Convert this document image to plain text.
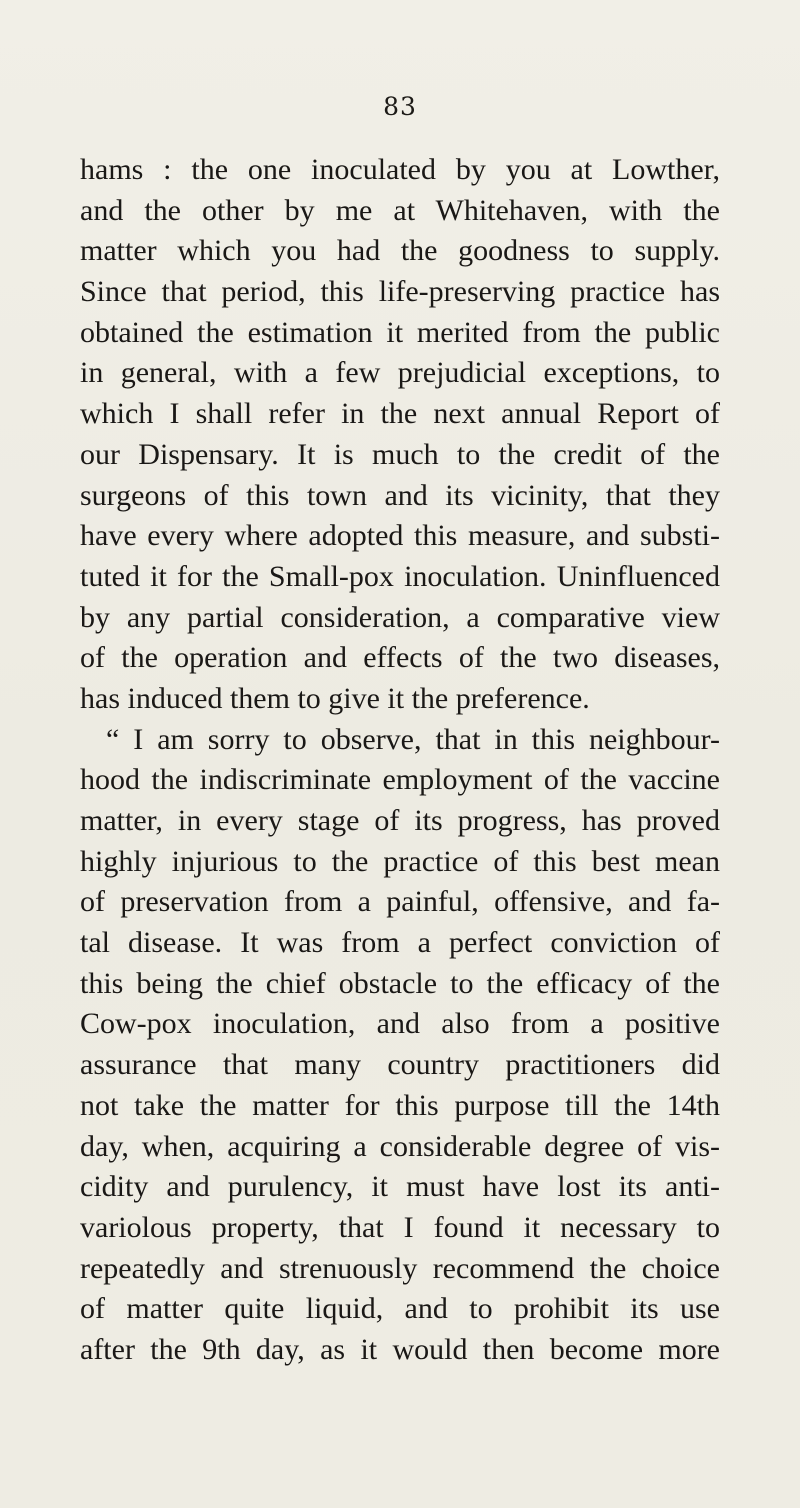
83
hams : the one inoculated by you at Lowther,
and the other by me at Whitehaven, with the
matter which you had the goodness to supply.
Since that period, this life-preserving practice has
obtained the estimation it merited from the public
in general, with a few prejudicial exceptions, to
which I shall refer in the next annual Report of
our Dispensary. It is much to the credit of the
surgeons of this town and its vicinity, that they
have every where adopted this measure, and substi-
tuted it for the Small-pox inoculation. Uninfluenced
by any partial consideration, a comparative view
of the operation and effects of the two diseases,
has induced them to give it the preference.
“ I am sorry to observe, that in this neighbour-
hood the indiscriminate employment of the vaccine
matter, in every stage of its progress, has proved
highly injurious to the practice of this best mean
of preservation from a painful, offensive, and fa-
tal disease. It was from a perfect conviction of
this being the chief obstacle to the efficacy of the
Cow-pox inoculation, and also from a positive
assurance that many country practitioners did
not take the matter for this purpose till the 14th
day, when, acquiring a considerable degree of vis-
cidity and purulency, it must have lost its anti-
variolous property, that I found it necessary to
repeatedly and strenuously recommend the choice
of matter quite liquid, and to prohibit its use
after the 9th day, as it would then become more
